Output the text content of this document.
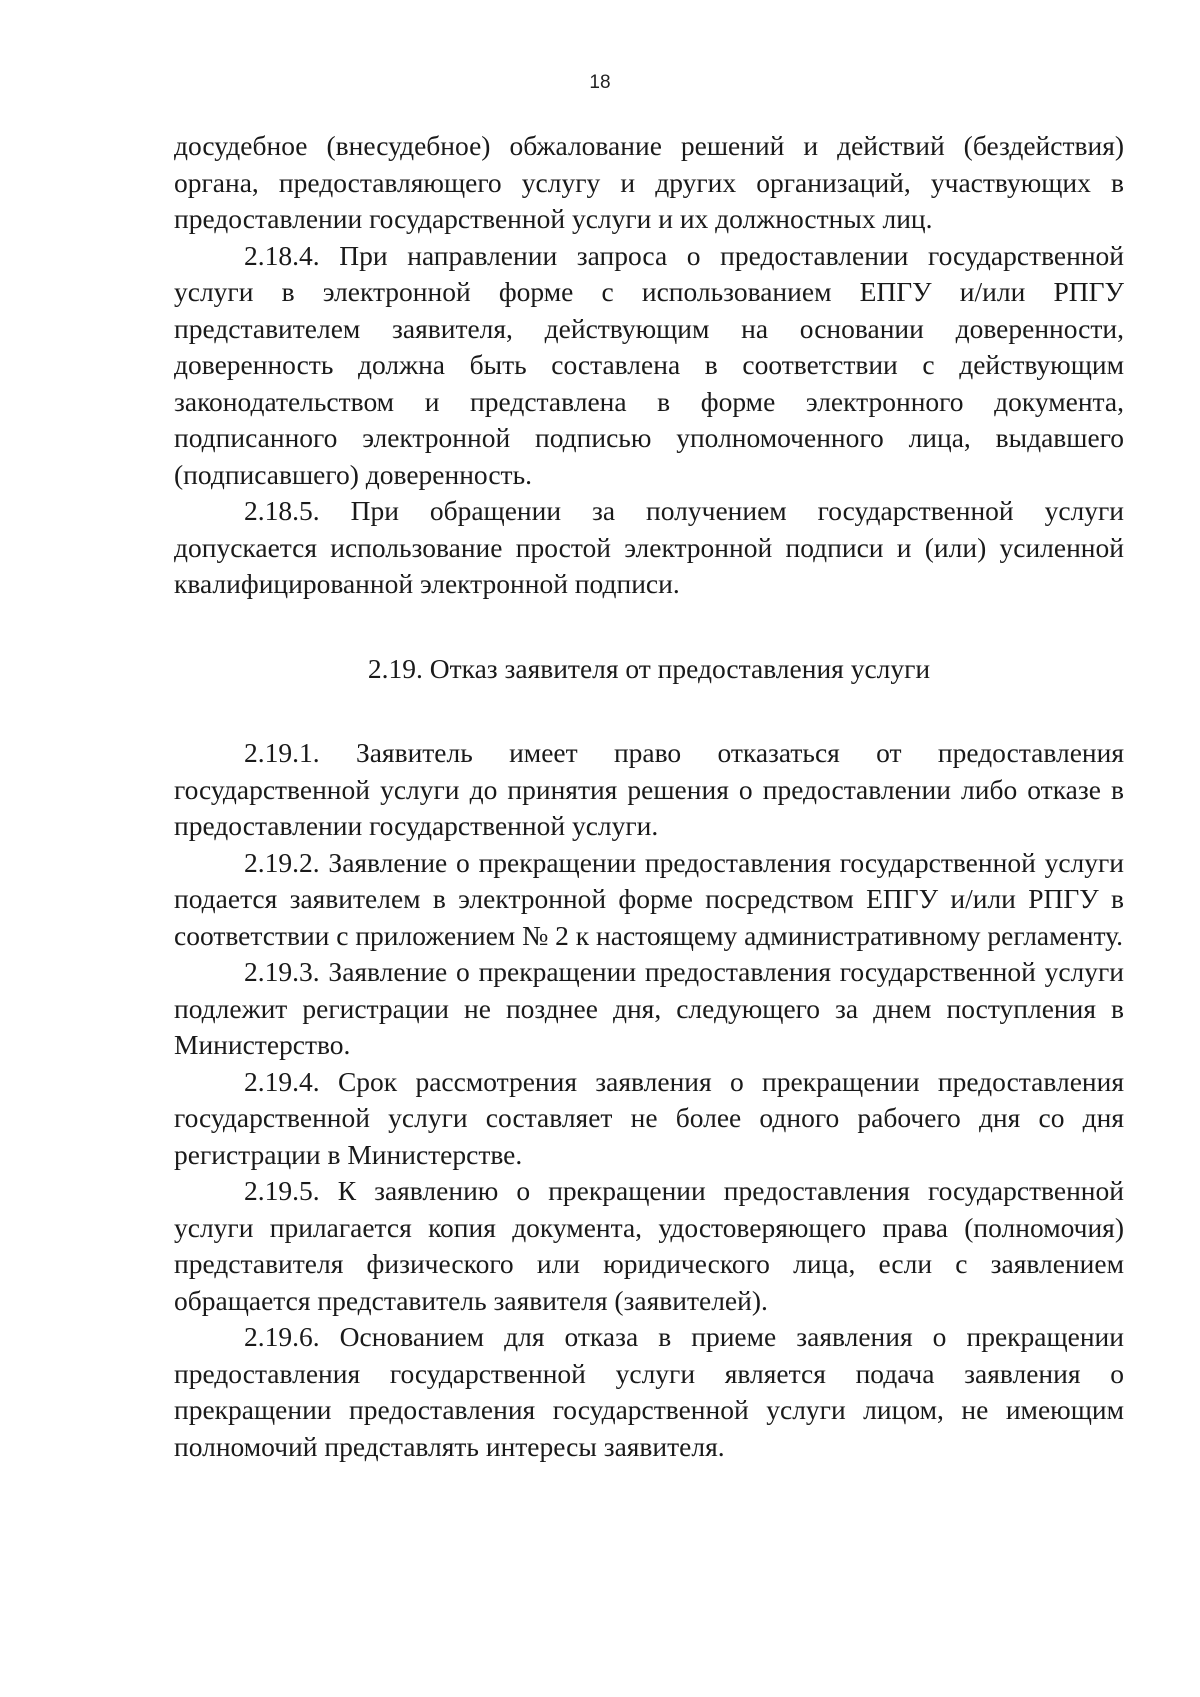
18

досудебное (внесудебное) обжалование решений и действий (бездействия) органа, предоставляющего услугу и других организаций, участвующих в предоставлении государственной услуги и их должностных лиц.

2.18.4. При направлении запроса о предоставлении государственной услуги в электронной форме с использованием ЕПГУ и/или РПГУ представителем заявителя, действующим на основании доверенности, доверенность должна быть составлена в соответствии с действующим законодательством и представлена в форме электронного документа, подписанного электронной подписью уполномоченного лица, выдавшего (подписавшего) доверенность.

2.18.5. При обращении за получением государственной услуги допускается использование простой электронной подписи и (или) усиленной квалифицированной электронной подписи.

2.19. Отказ заявителя от предоставления услуги

2.19.1. Заявитель имеет право отказаться от предоставления государственной услуги до принятия решения о предоставлении либо отказе в предоставлении государственной услуги.

2.19.2. Заявление о прекращении предоставления государственной услуги подается заявителем в электронной форме посредством ЕПГУ и/или РПГУ в соответствии с приложением № 2 к настоящему административному регламенту.

2.19.3. Заявление о прекращении предоставления государственной услуги подлежит регистрации не позднее дня, следующего за днем поступления в Министерство.

2.19.4. Срок рассмотрения заявления о прекращении предоставления государственной услуги составляет не более одного рабочего дня со дня регистрации в Министерстве.

2.19.5. К заявлению о прекращении предоставления государственной услуги прилагается копия документа, удостоверяющего права (полномочия) представителя физического или юридического лица, если с заявлением обращается представитель заявителя (заявителей).

2.19.6. Основанием для отказа в приеме заявления о прекращении предоставления государственной услуги является подача заявления о прекращении предоставления государственной услуги лицом, не имеющим полномочий представлять интересы заявителя.
